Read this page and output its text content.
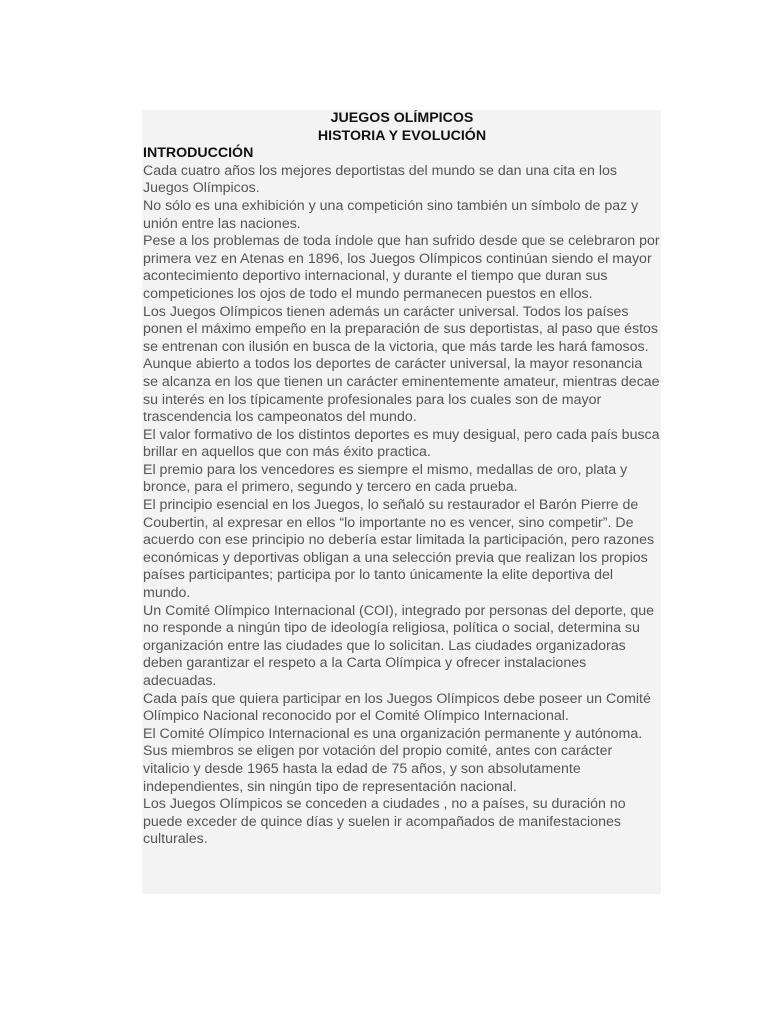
JUEGOS OLÍMPICOS

HISTORIA Y EVOLUCIÓN

INTRODUCCIÓN

Cada cuatro años los mejores deportistas del mundo se dan una cita en los Juegos Olímpicos.

No sólo es una exhibición y una competición sino también un símbolo de paz y unión entre las naciones.

Pese a los problemas de toda índole que han sufrido desde que se celebraron por primera vez en Atenas en 1896, los Juegos Olímpicos continúan siendo el mayor acontecimiento deportivo internacional, y durante el tiempo que duran sus competiciones los ojos de todo el mundo permanecen puestos en ellos.

Los Juegos Olímpicos tienen además un carácter universal. Todos los países ponen el máximo empeño en la preparación de sus deportistas, al paso que éstos se entrenan con ilusión en busca de la victoria, que más tarde les hará famosos.

Aunque abierto a todos los deportes de carácter universal, la mayor resonancia se alcanza en los que tienen un carácter eminentemente amateur, mientras decae su interés en los típicamente profesionales para los cuales son de mayor trascendencia los campeonatos del mundo.

El valor formativo de los distintos deportes es muy desigual, pero cada país busca brillar en aquellos que con más éxito practica.

El premio para los vencedores es siempre el mismo, medallas de oro, plata y bronce, para el primero, segundo y tercero en cada prueba.

El principio esencial en los Juegos, lo señaló su restaurador el Barón Pierre de Coubertin, al expresar en ellos “lo importante no es vencer, sino competir”. De acuerdo con ese principio no debería estar limitada la participación, pero razones económicas y deportivas obligan a una selección previa que realizan los propios países participantes; participa por lo tanto únicamente la elite deportiva del mundo.

Un Comité Olímpico Internacional (COI), integrado por personas del deporte, que no responde a ningún tipo de ideología religiosa, política o social, determina su organización entre las ciudades que lo solicitan. Las ciudades organizadoras deben garantizar el respeto a la Carta Olímpica y ofrecer instalaciones adecuadas.

Cada país que quiera participar en los Juegos Olímpicos debe poseer un Comité Olímpico Nacional reconocido por el Comité Olímpico Internacional.

El Comité Olímpico Internacional es una organización permanente y autónoma. Sus miembros se eligen por votación del propio comité, antes con carácter vitalicio y desde 1965 hasta la edad de 75 años, y son absolutamente independientes, sin ningún tipo de representación nacional.

Los Juegos Olímpicos se conceden a ciudades , no a países, su duración no puede exceder de quince días y suelen ir acompañados de manifestaciones culturales.
